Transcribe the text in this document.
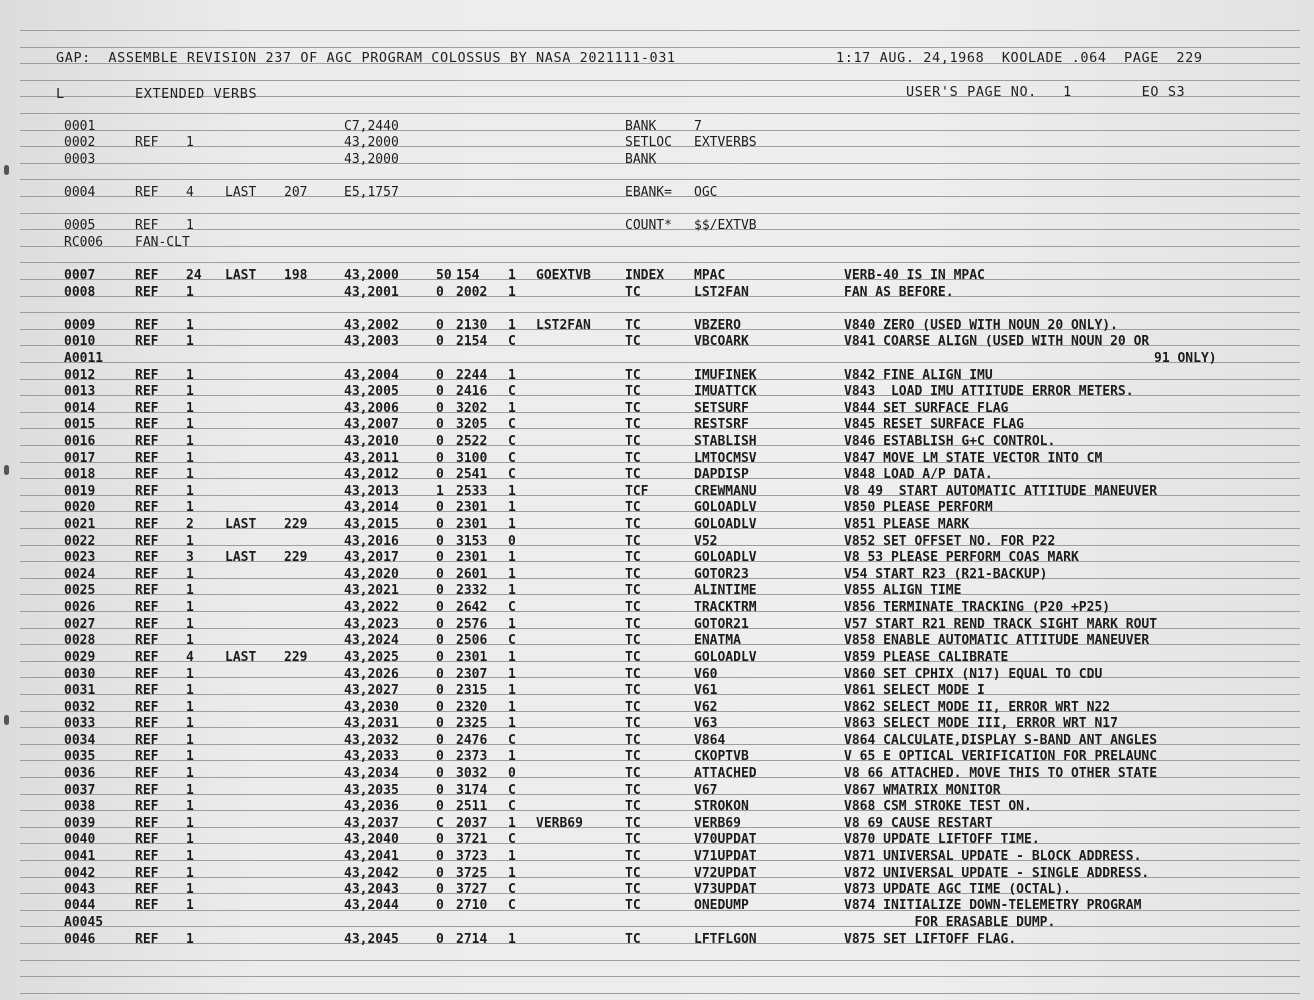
GAP:  ASSEMBLE REVISION 237 OF AGC PROGRAM COLOSSUS BY NASA 2021111-031	1:17 AUG. 24,1968  KOOLADE .064  PAGE  229
L	EXTENDED VERBS	USER'S PAGE NO.   1        EO S3
0001	C7,2440	BANK	7
0002	REF 1	43,2000	SETLOC EXTVERBS
0003	43,2000	BANK
0004	REF 4	LAST 207	E5,1757	EBANK= OGC
0005	REF 1	COUNT* $$/EXTVB
RC006 FAN-CLT
0007	REF 24	LAST 198	43,2000	50 154 1 GOEXTVB	INDEX MPAC	VERB-40 IS IN MPAC
0008	REF 1	43,2001	0 2002 1	TC	LST2FAN	FAN AS BEFORE.
0009	REF 1	43,2002	0 2130 1 LST2FAN	TC	VBZERO	V840 ZERO (USED WITH NOUN 20 ONLY).
0010	REF 1	43,2003	0 2154 C	TC	VBCOARK	V841 COARSE ALIGN (USED WITH NOUN 20 OR
A0011	91 ONLY)
0012	REF 1	43,2004	0 2244 1	TC	IMUFINEK	V842 FINE ALIGN IMU
0013	REF 1	43,2005	0 2416 C	TC	IMUATTCK	V843  LOAD IMU ATTITUDE ERROR METERS.
0014	REF 1	43,2006	0 3202 1	TC	SETSURF	V844 SET SURFACE FLAG
0015	REF 1	43,2007	0 3205 C	TC	RESTSRF	V845 RESET SURFACE FLAG
0016	REF 1	43,2010	0 2522 C	TC	STABLISH	V846 ESTABLISH G+C CONTROL.
0017	REF 1	43,2011	0 3100 C	TC	LMTOCMSV	V847 MOVE LM STATE VECTOR INTO CM
0018	REF 1	43,2012	0 2541 C	TC	DAPDISP	V848 LOAD A/P DATA.
0019	REF 1	43,2013	1 2533 1	TCF	CREWMANU	V8 49  START AUTOMATIC ATTITUDE MANEUVER
0020	REF 1	43,2014	0 2301 1	TC	GOLOADLV	V850 PLEASE PERFORM
0021	REF 2	LAST 229	43,2015	0 2301 1	TC	GOLOADLV	V851 PLEASE MARK
0022	REF 1	43,2016	0 3153 0	TC	V52	V852 SET OFFSET NO. FOR P22
0023	REF 3	LAST 229	43,2017	0 2301 1	TC	GOLOADLV	V8 53 PLEASE PERFORM COAS MARK
0024	REF 1	43,2020	0 2601 1	TC	GOTOR23	V54 START R23 (R21-BACKUP)
0025	REF 1	43,2021	0 2332 1	TC	ALINTIME	V855 ALIGN TIME
0026	REF 1	43,2022	0 2642 C	TC	TRACKTRM	V856 TERMINATE TRACKING (P20 +P25)
0027	REF 1	43,2023	0 2576 1	TC	GOTOR21	V57 START R21 REND TRACK SIGHT MARK ROUT
0028	REF 1	43,2024	0 2506 C	TC	ENATMA	V858 ENABLE AUTOMATIC ATTITUDE MANEUVER
0029	REF 4	LAST 229	43,2025	0 2301 1	TC	GOLOADLV	V859 PLEASE CALIBRATE
0030	REF 1	43,2026	0 2307 1	TC	V60	V860 SET CPHIX (N17) EQUAL TO CDU
0031	REF 1	43,2027	0 2315 1	TC	V61	V861 SELECT MODE I
0032	REF 1	43,2030	0 2320 1	TC	V62	V862 SELECT MODE II, ERROR WRT N22
0033	REF 1	43,2031	0 2325 1	TC	V63	V863 SELECT MODE III, ERROR WRT N17
0034	REF 1	43,2032	0 2476 C	TC	V864	V864 CALCULATE,DISPLAY S-BAND ANT ANGLES
0035	REF 1	43,2033	0 2373 1	TC	CKOPTVB	V 65 E OPTICAL VERIFICATION FOR PRELAUNC
0036	REF 1	43,2034	0 3032 0	TC	ATTACHED	V8 66 ATTACHED. MOVE THIS TO OTHER STATE
0037	REF 1	43,2035	0 3174 C	TC	V67	V867 WMATRIX MONITOR
0038	REF 1	43,2036	0 2511 C	TC	STROKON	V868 CSM STROKE TEST ON.
0039	REF 1	43,2037	C 2037 1 VERB69	TC	VERB69	V8 69 CAUSE RESTART
0040	REF 1	43,2040	0 3721 C	TC	V70UPDAT	V870 UPDATE LIFTOFF TIME.
0041	REF 1	43,2041	0 3723 1	TC	V71UPDAT	V871 UNIVERSAL UPDATE - BLOCK ADDRESS.
0042	REF 1	43,2042	0 3725 1	TC	V72UPDAT	V872 UNIVERSAL UPDATE - SINGLE ADDRESS.
0043	REF 1	43,2043	0 3727 C	TC	V73UPDAT	V873 UPDATE AGC TIME (OCTAL).
0044	REF 1	43,2044	0 2710 C	TC	ONEDUMP	V874 INITIALIZE DOWN-TELEMETRY PROGRAM
A0045	FOR ERASABLE DUMP.
0046	REF 1	43,2045	0 2714 1	TC	LFTFLGON	V875 SET LIFTOFF FLAG.
